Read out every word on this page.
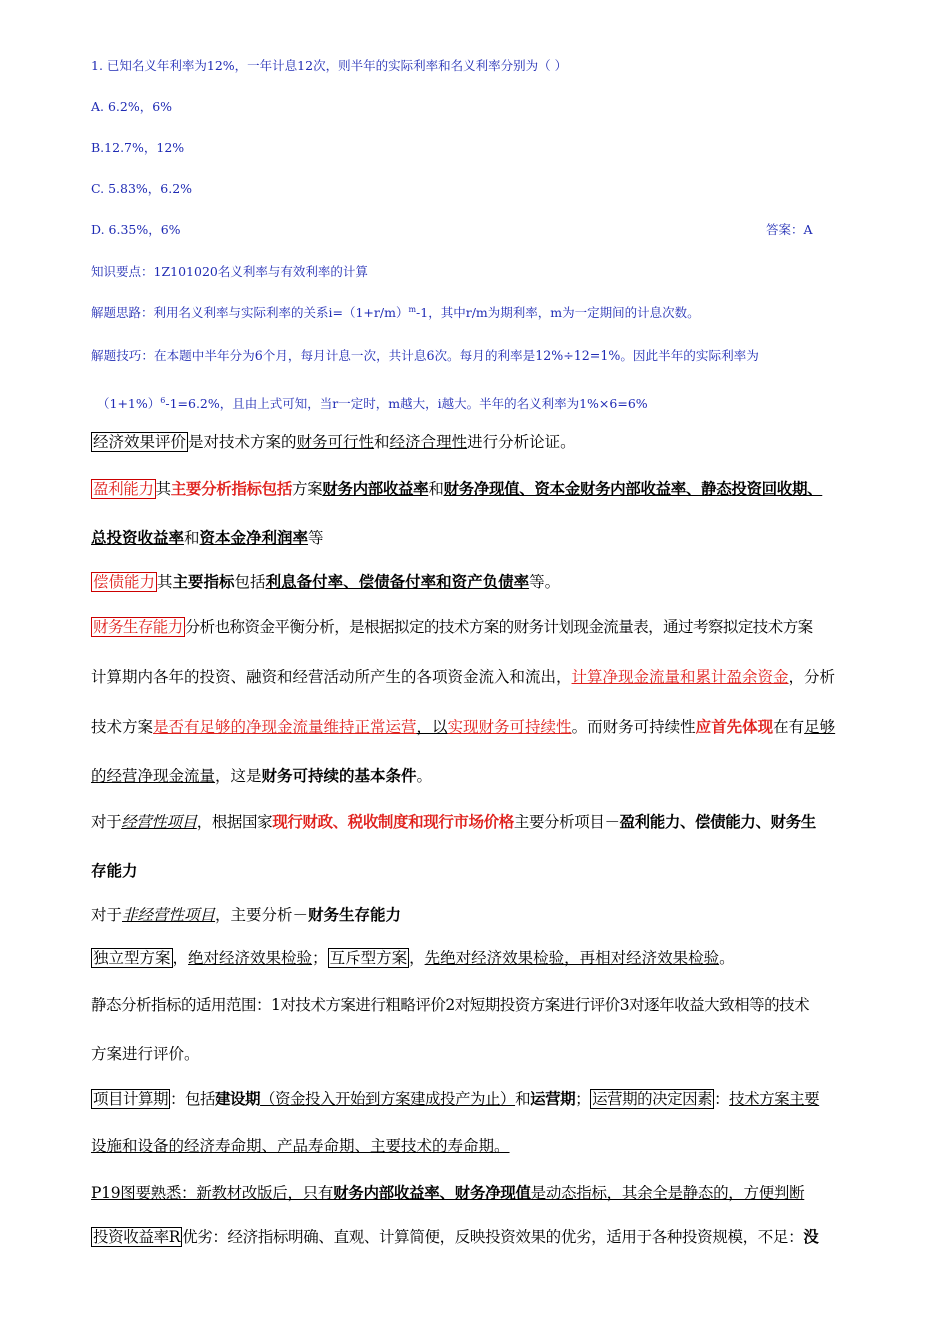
1. 已知名义年利率为12%，一年计息12次，则半年的实际利率和名义利率分别为（ ）
A. 6.2%，6%
B.12.7%，12%
C. 5.83%，6.2%
D. 6.35%，6%	答案：A
知识要点：1Z101020名义利率与有效利率的计算
解题思路：利用名义利率与实际利率的关系$i=(1+r/m)^m-1$，其中r/m为期利率，m为一定期间的计息次数。
解题技巧：在本题中半年分为6个月，每月计息一次，共计息6次。每月的利率是12%÷12=1%。因此半年的实际利率为
$(1+1\%)^6-1=6.2\%$，且由上式可知，当r一定时，m越大，i越大。半年的名义利率为1%×6=6%
经济效果评价 是对技术方案的财务可行性和经济合理性进行分析论证。
盈利能力 其主要分析指标包括方案财务内部收益率和财务净现值、资本金财务内部收益率、静态投资回收期、
总投资收益率和资本金净利润率等
偿债能力 其主要指标包括利息备付率、偿债备付率和资产负债率等。
财务生存能力 分析也称资金平衡分析，是根据拟定的技术方案的财务计划现金流量表，通过考察拟定技术方案
计算期内各年的投资、融资和经营活动所产生的各项资金流入和流出，计算净现金流量和累计盈余资金，分析
技术方案是否有足够的净现金流量维持正常运营，以实现财务可持续性。而财务可持续性应首先体现在有足够
的经营净现金流量，这是财务可持续的基本条件。
对于经营性项目，根据国家现行财政、税收制度和现行市场价格主要分析项目－盈利能力、偿债能力、财务生
存能力
对于非经营性项目，主要分析－财务生存能力
独立型方案 ，绝对经济效果检验； 互斥型方案 ，先绝对经济效果检验，再相对经济效果检验。
静态分析指标的适用范围：1对技术方案进行粗略评价2对短期投资方案进行评价3对逐年收益大致相等的技术
方案进行评价。
项目计算期 ：包括建设期（资金投入开始到方案建成投产为止）和运营期； 运营期的决定因素 ：技术方案主要
设施和设备的经济寿命期、产品寿命期、主要技术的寿命期。
P19图要熟悉：新教材改版后，只有财务内部收益率、财务净现值是动态指标，其余全是静态的，方便判断
投资收益率R 优劣：经济指标明确、直观、计算简便，反映投资效果的优劣，适用于各种投资规模，不足：没
